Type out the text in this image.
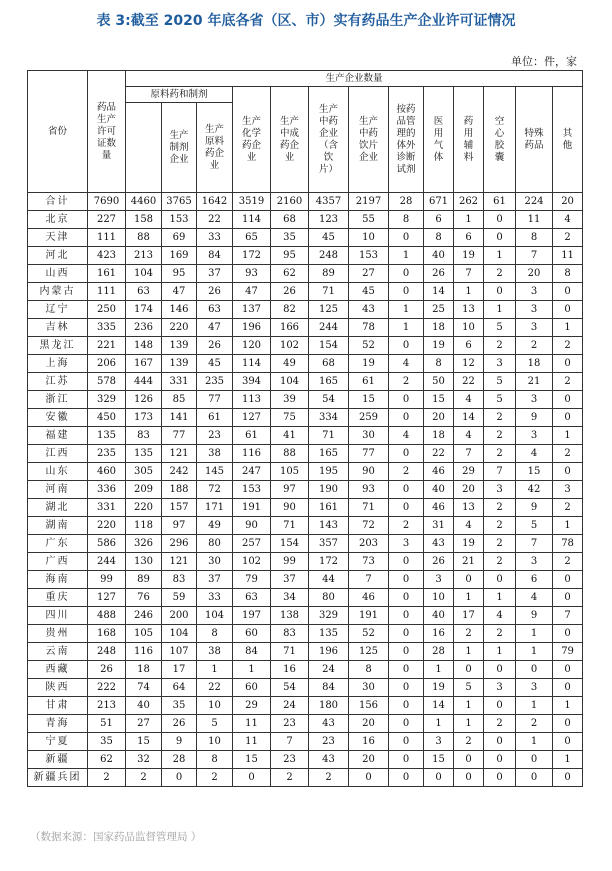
表 3:截至 2020 年底各省（区、市）实有药品生产企业许可证情况
单位：件，家
省份	药品生产许可证数量	生产企业数量												
		原料药和制剂			生产化学药企业	生产中成药企业	生产中药企业（含饮片）	生产中药饮片企业	按药品管理的体外诊断试剂	医用气体	药用辅料	空心胶囊	特殊药品	其他
			生产制剂企业	生产原料药企业										
合计	7690	4460	3765	1642	3519	2160	4357	2197	28	671	262	61	224	20
北京	227	158	153	22	114	68	123	55	8	6	1	0	11	4
天津	111	88	69	33	65	35	45	10	0	8	6	0	8	2
河北	423	213	169	84	172	95	248	153	1	40	19	1	7	11
山西	161	104	95	37	93	62	89	27	0	26	7	2	20	8
内蒙古	111	63	47	26	47	26	71	45	0	14	1	0	3	0
辽宁	250	174	146	63	137	82	125	43	1	25	13	1	3	0
吉林	335	236	220	47	196	166	244	78	1	18	10	5	3	1
黑龙江	221	148	139	26	120	102	154	52	0	19	6	2	2	2
上海	206	167	139	45	114	49	68	19	4	8	12	3	18	0
江苏	578	444	331	235	394	104	165	61	2	50	22	5	21	2
浙江	329	126	85	77	113	39	54	15	0	15	4	5	3	0
安徽	450	173	141	61	127	75	334	259	0	20	14	2	9	0
福建	135	83	77	23	61	41	71	30	4	18	4	2	3	1
江西	235	135	121	38	116	88	165	77	0	22	7	2	4	2
山东	460	305	242	145	247	105	195	90	2	46	29	7	15	0
河南	336	209	188	72	153	97	190	93	0	40	20	3	42	3
湖北	331	220	157	171	191	90	161	71	0	46	13	2	9	2
湖南	220	118	97	49	90	71	143	72	2	31	4	2	5	1
广东	586	326	296	80	257	154	357	203	3	43	19	2	7	78
广西	244	130	121	30	102	99	172	73	0	26	21	2	3	2
海南	99	89	83	37	79	37	44	7	0	3	0	0	6	0
重庆	127	76	59	33	63	34	80	46	0	10	1	1	4	0
四川	488	246	200	104	197	138	329	191	0	40	17	4	9	7
贵州	168	105	104	8	60	83	135	52	0	16	2	2	1	0
云南	248	116	107	38	84	71	196	125	0	28	1	1	1	79
西藏	26	18	17	1	1	16	24	8	0	1	0	0	0	0
陕西	222	74	64	22	60	54	84	30	0	19	5	3	3	0
甘肃	213	40	35	10	29	24	180	156	0	14	1	0	1	1
青海	51	27	26	5	11	23	43	20	0	1	1	2	2	0
宁夏	35	15	9	10	11	7	23	16	0	3	2	0	1	0
新疆	62	32	28	8	15	23	43	20	0	15	0	0	0	1
新疆兵团	2	2	0	2	0	2	2	0	0	0	0	0	0	0
（数据来源：国家药品监督管理局 ）
